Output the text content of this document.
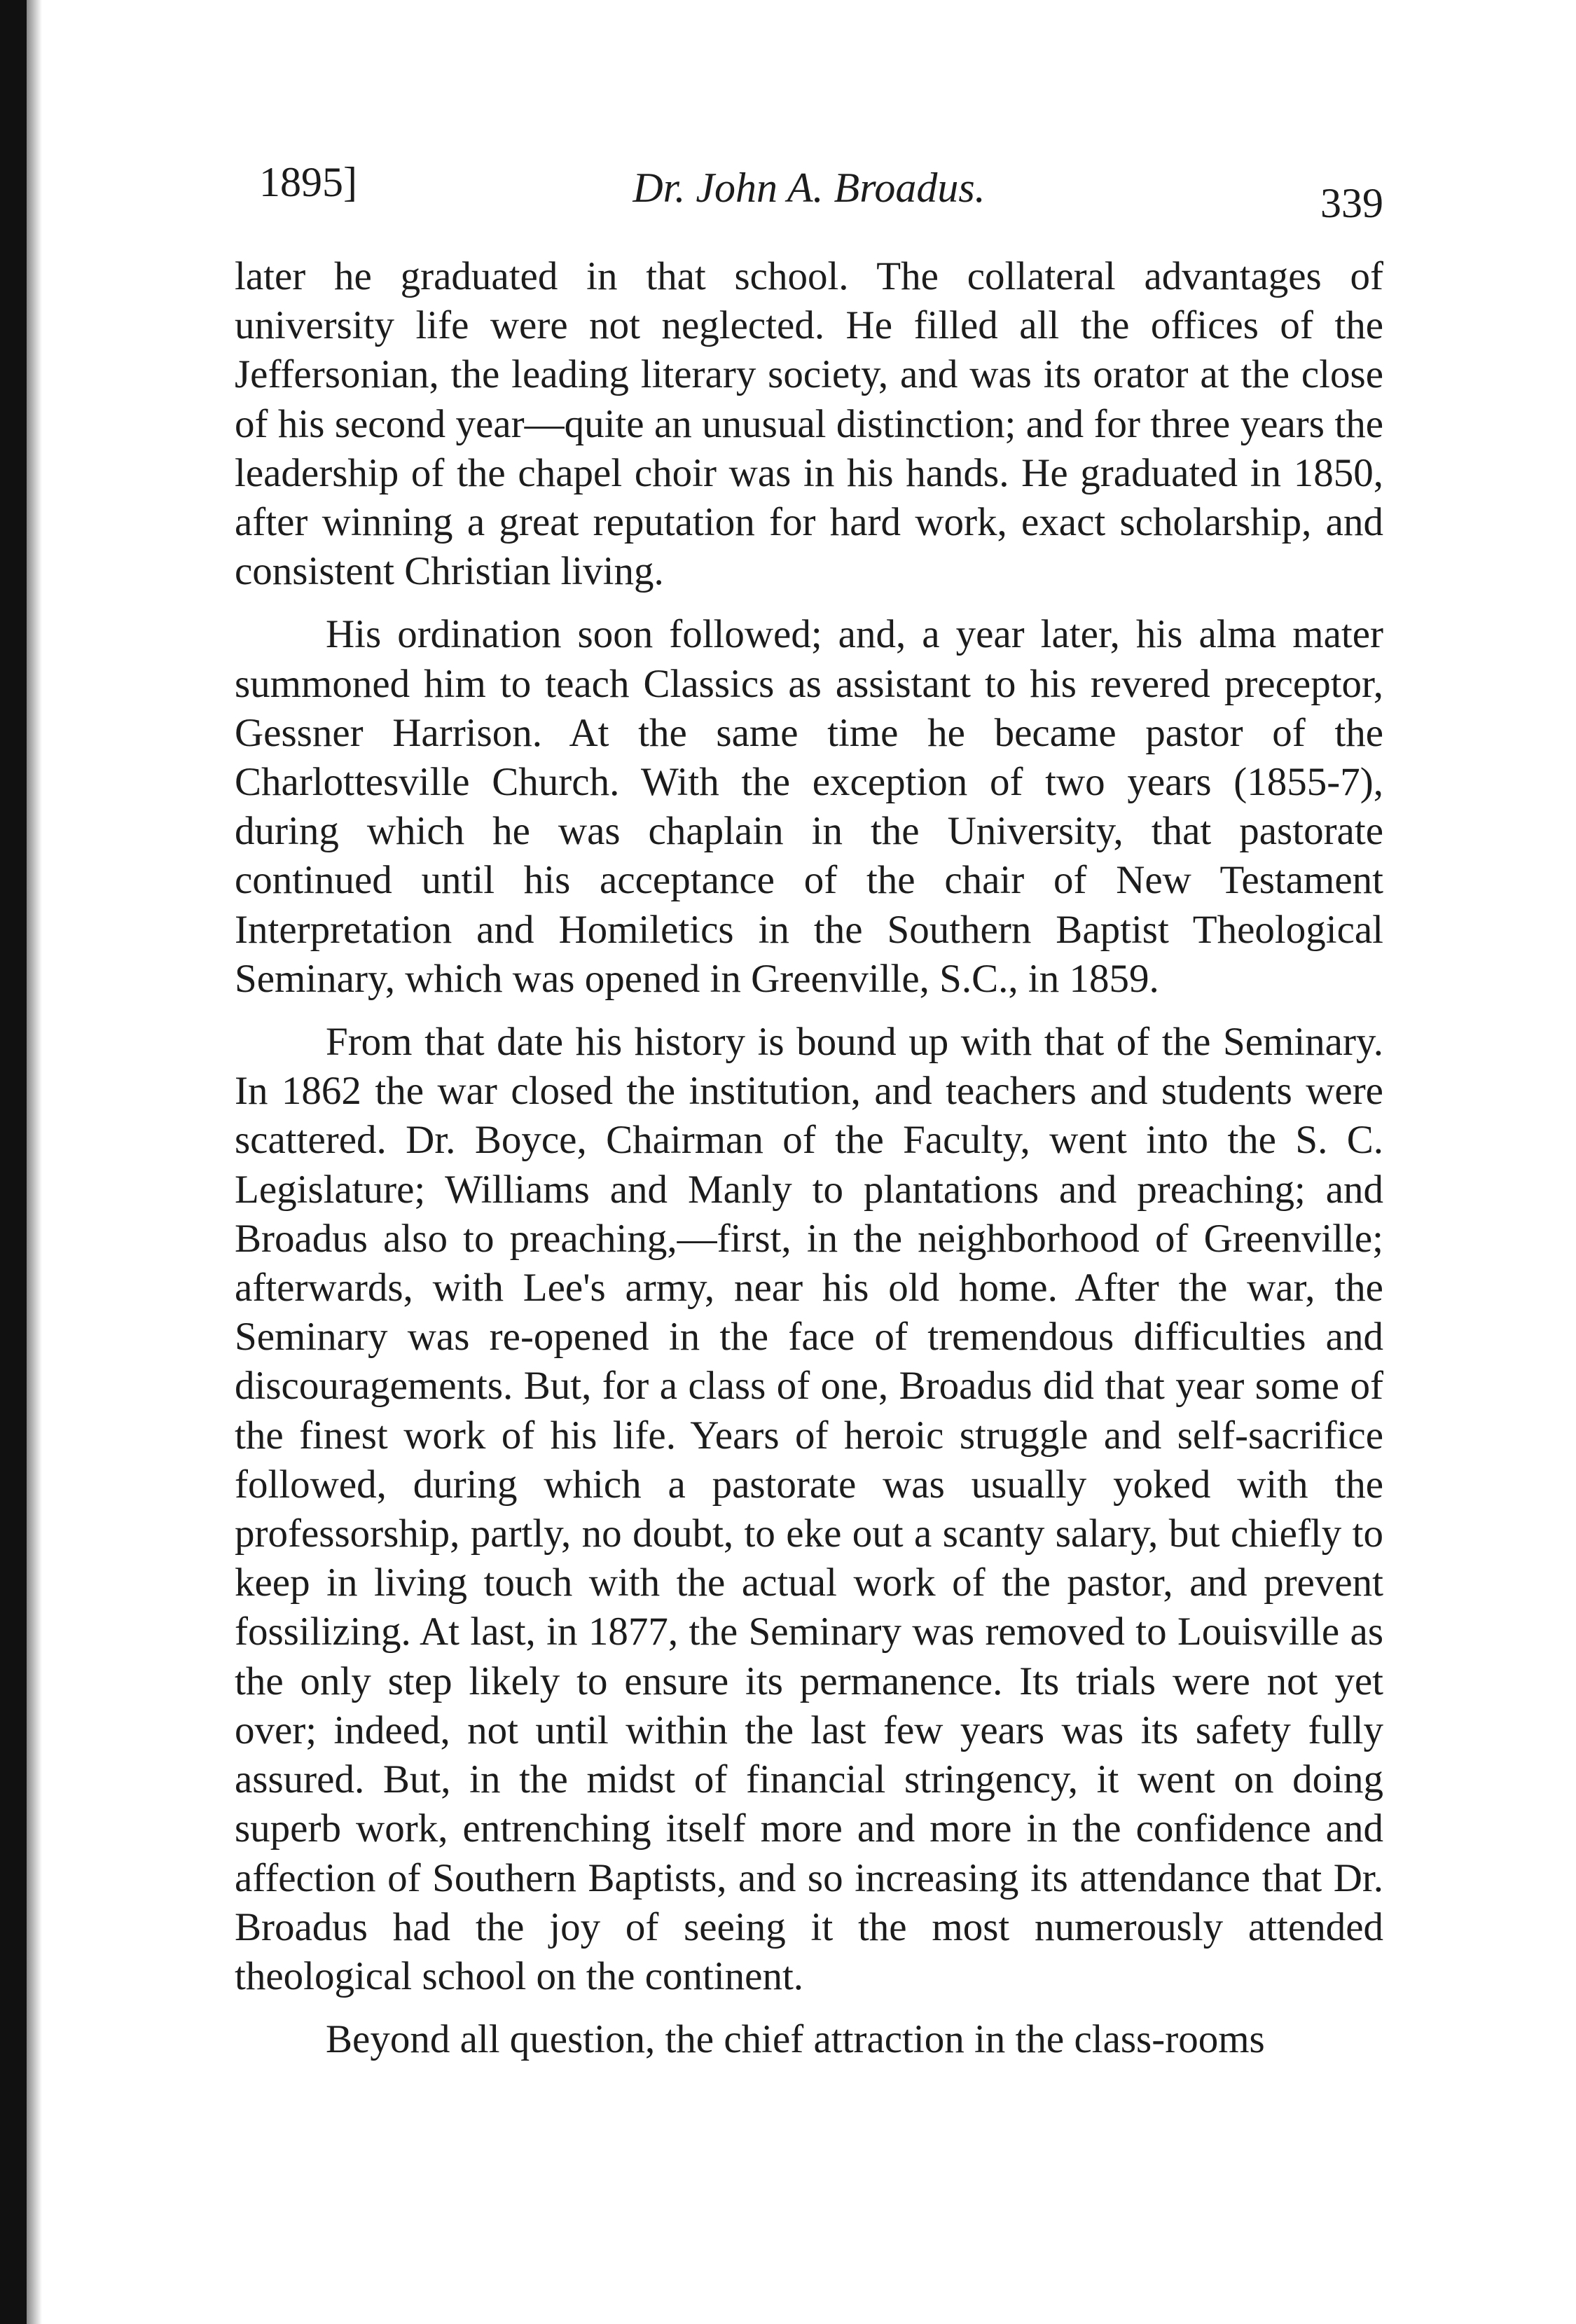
1895]	Dr. John A. Broadus.	339

later he graduated in that school. The collateral advantages of university life were not neglected. He filled all the offices of the Jeffersonian, the leading literary society, and was its orator at the close of his second year—quite an unusual distinction; and for three years the leadership of the chapel choir was in his hands. He graduated in 1850, after winning a great reputation for hard work, exact scholarship, and consistent Christian living.

His ordination soon followed; and, a year later, his alma mater summoned him to teach Classics as assistant to his revered preceptor, Gessner Harrison. At the same time he became pastor of the Charlottesville Church. With the exception of two years (1855-7), during which he was chaplain in the University, that pastorate continued until his acceptance of the chair of New Testament Interpretation and Homiletics in the Southern Baptist Theological Seminary, which was opened in Greenville, S.C., in 1859.

From that date his history is bound up with that of the Seminary. In 1862 the war closed the institution, and teachers and students were scattered. Dr. Boyce, Chairman of the Faculty, went into the S. C. Legislature; Williams and Manly to plantations and preaching; and Broadus also to preaching,—first, in the neighborhood of Greenville; afterwards, with Lee's army, near his old home. After the war, the Seminary was re-opened in the face of tremendous difficulties and discouragements. But, for a class of one, Broadus did that year some of the finest work of his life. Years of heroic struggle and self-sacrifice followed, during which a pastorate was usually yoked with the professorship, partly, no doubt, to eke out a scanty salary, but chiefly to keep in living touch with the actual work of the pastor, and prevent fossilizing. At last, in 1877, the Seminary was removed to Louisville as the only step likely to ensure its permanence. Its trials were not yet over; indeed, not until within the last few years was its safety fully assured. But, in the midst of financial stringency, it went on doing superb work, entrenching itself more and more in the confidence and affection of Southern Baptists, and so increasing its attendance that Dr. Broadus had the joy of seeing it the most numerously attended theological school on the continent.

Beyond all question, the chief attraction in the class-rooms
